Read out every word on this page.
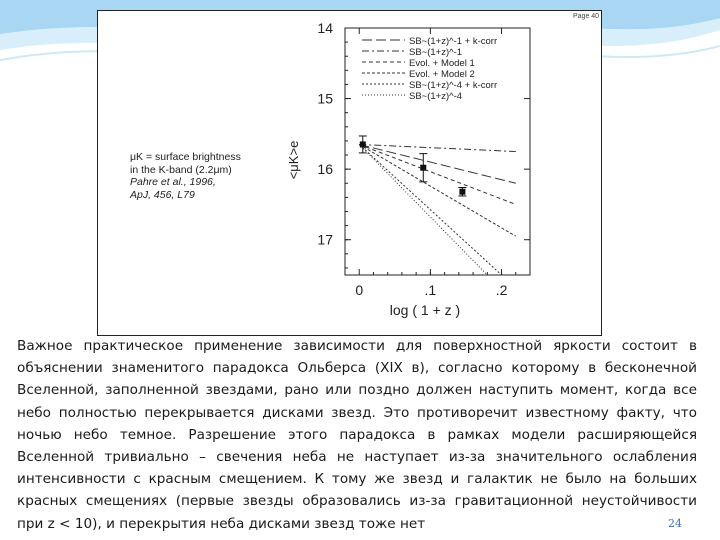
Page 40
14
15
16
17
0	.1	.2
SB~(1+z)^-1 + k-corr
SB~(1+z)^-1
Evol. + Model 1
Evol. + Model 2
SB~(1+z)^-4 + k-corr
SB~(1+z)^-4
log ( 1 + z )
<μK>e
μK = surface brightness
in the K-band (2.2μm)
Pahre et al., 1996,
ApJ, 456, L79

Важное практическое применение зависимости для поверхностной яркости состоит в объяснении знаменитого парадокса Ольберса (XIX в), согласно которому в бесконечной Вселенной, заполненной звездами, рано или поздно должен наступить момент, когда все небо полностью перекрывается дисками звезд. Это противоречит известному факту, что ночью небо темное. Разрешение этого парадокса в рамках модели расширяющейся Вселенной тривиально – свечения неба не наступает из-за значительного ослабления интенсивности с красным смещением. К тому же звезд и галактик не было на больших красных смещениях (первые звезды образовались из-за гравитационной неустойчивости при z < 10), и перекрытия неба дисками звезд тоже нет	24
